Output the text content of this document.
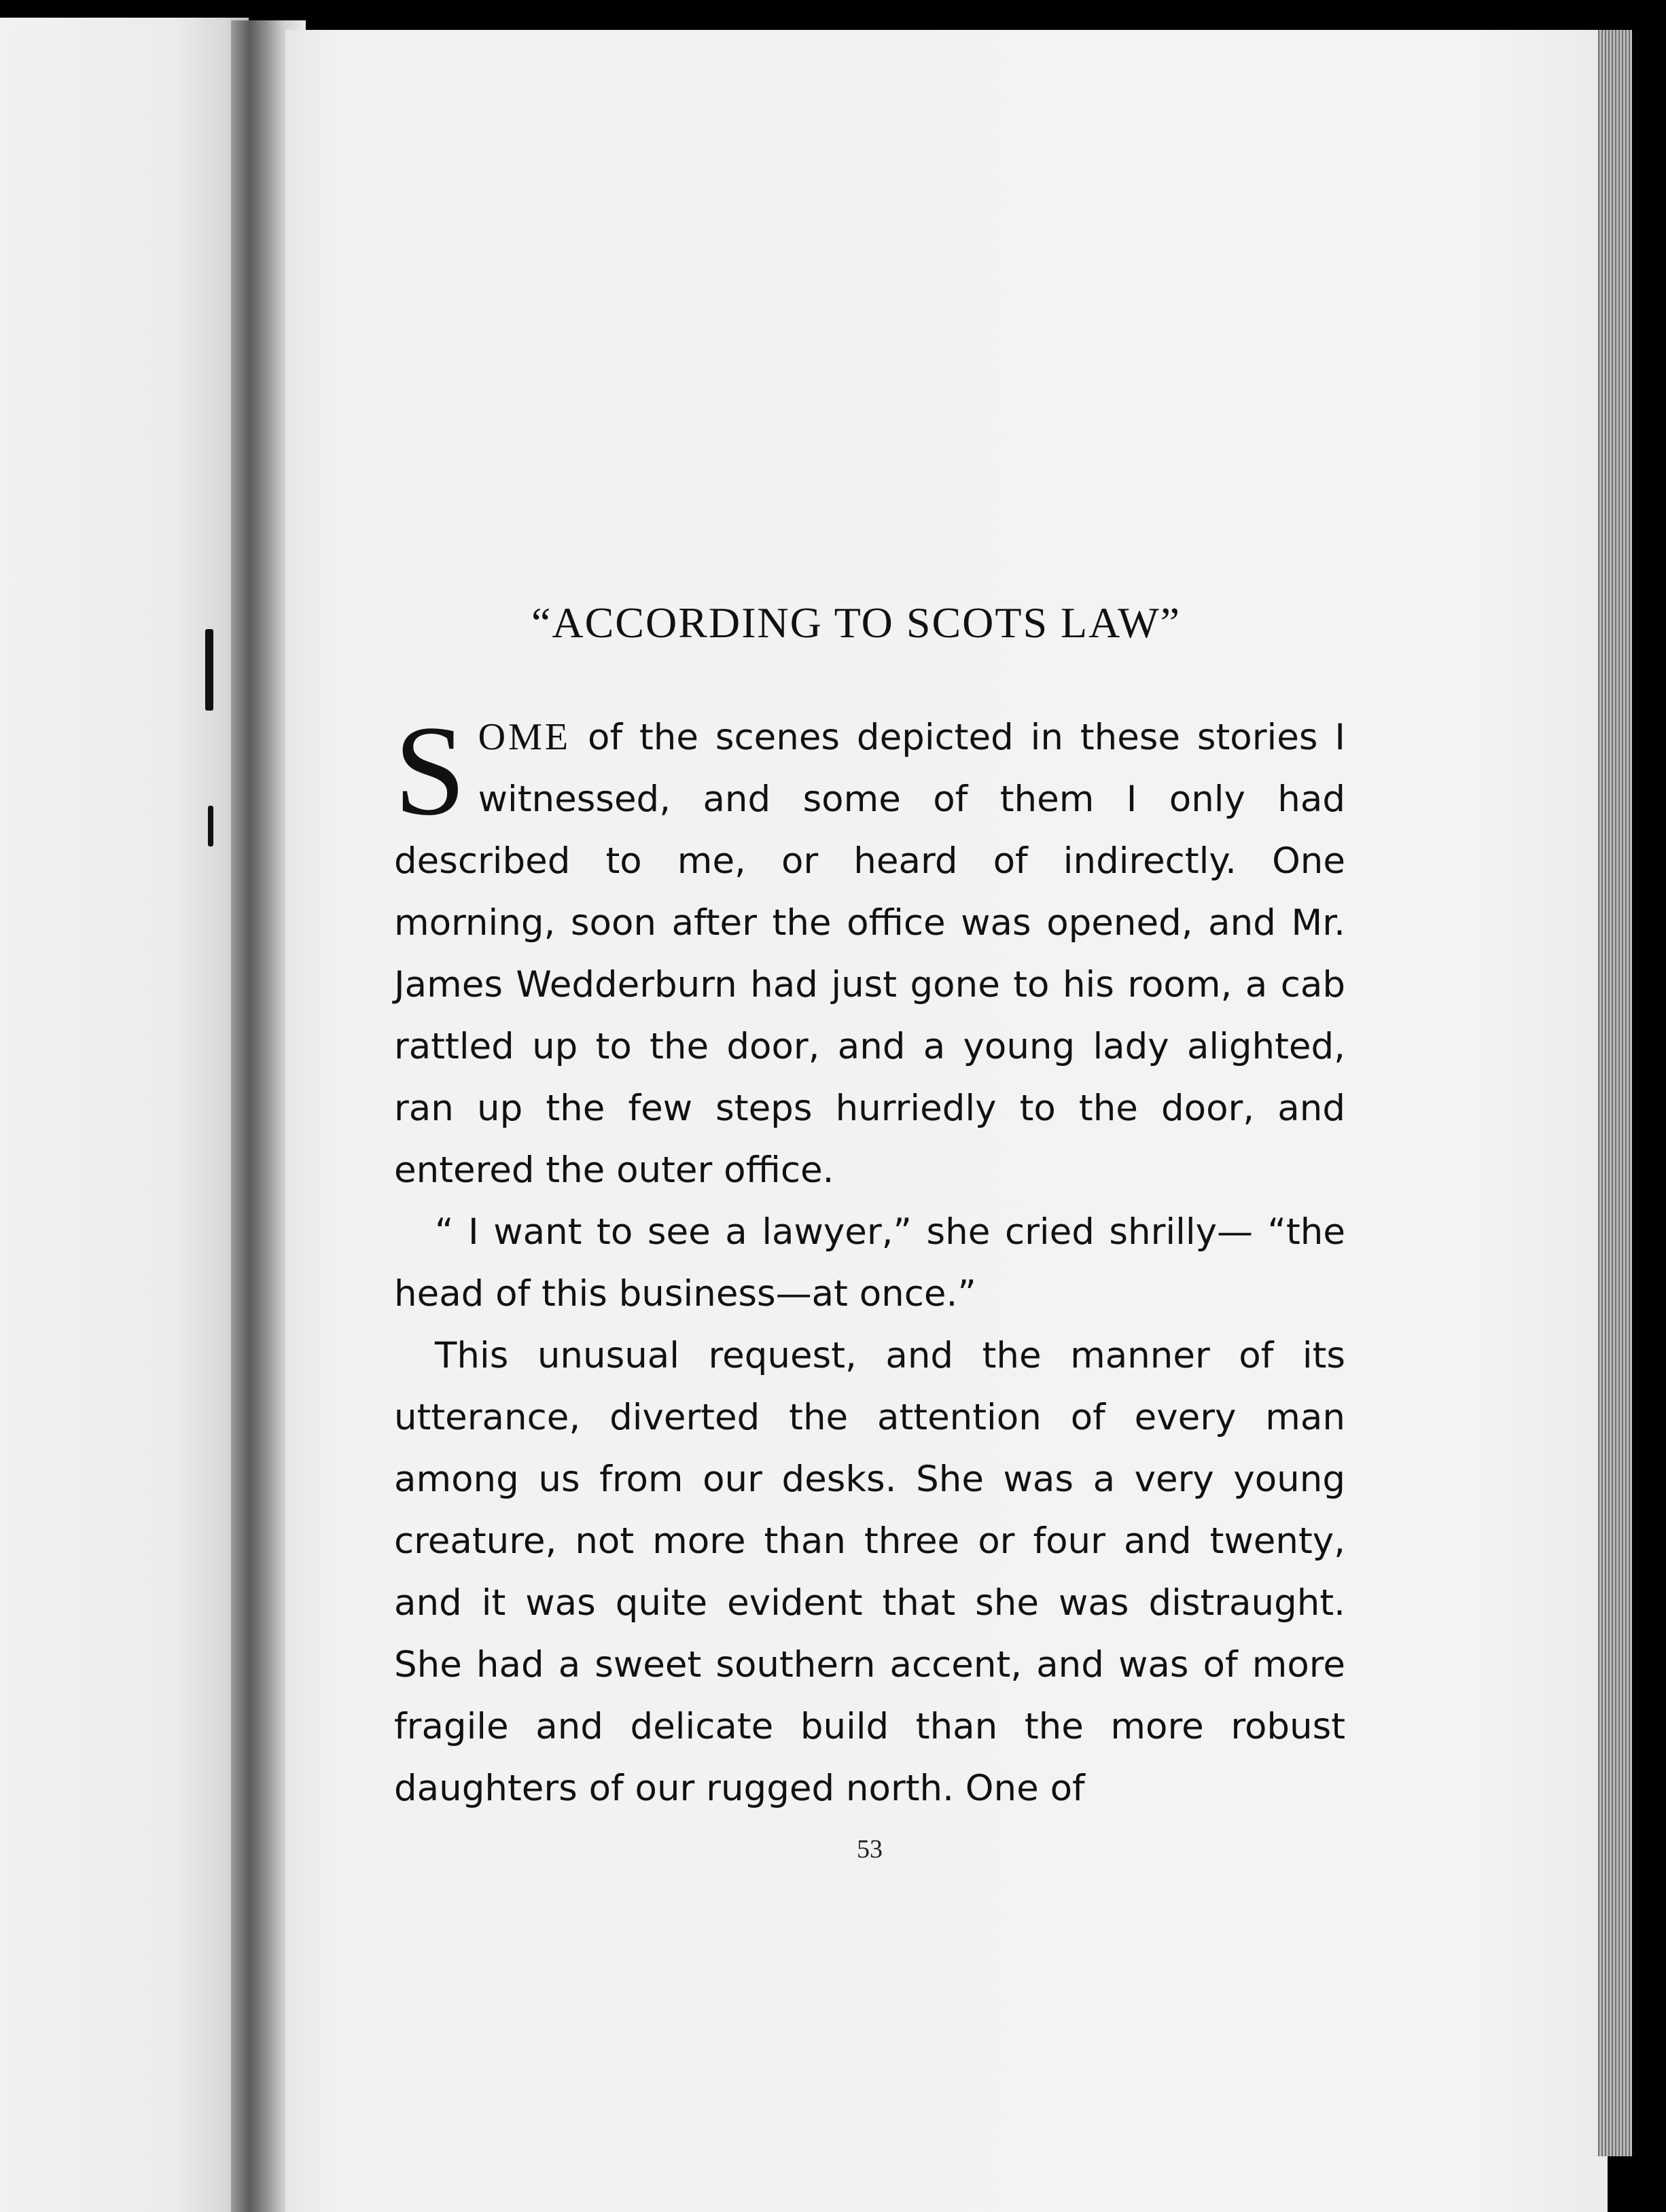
“ACCORDING TO SCOTS LAW”

SOME of the scenes depicted in these stories I witnessed, and some of them I only had described to me, or heard of indirectly. One morning, soon after the office was opened, and Mr. James Wedderburn had just gone to his room, a cab rattled up to the door, and a young lady alighted, ran up the few steps hurriedly to the door, and entered the outer office.

“ I want to see a lawyer,” she cried shrilly— “the head of this business—at once.”

This unusual request, and the manner of its utterance, diverted the attention of every man among us from our desks. She was a very young creature, not more than three or four and twenty, and it was quite evident that she was distraught. She had a sweet southern accent, and was of more fragile and delicate build than the more robust daughters of our rugged north. One of

53
